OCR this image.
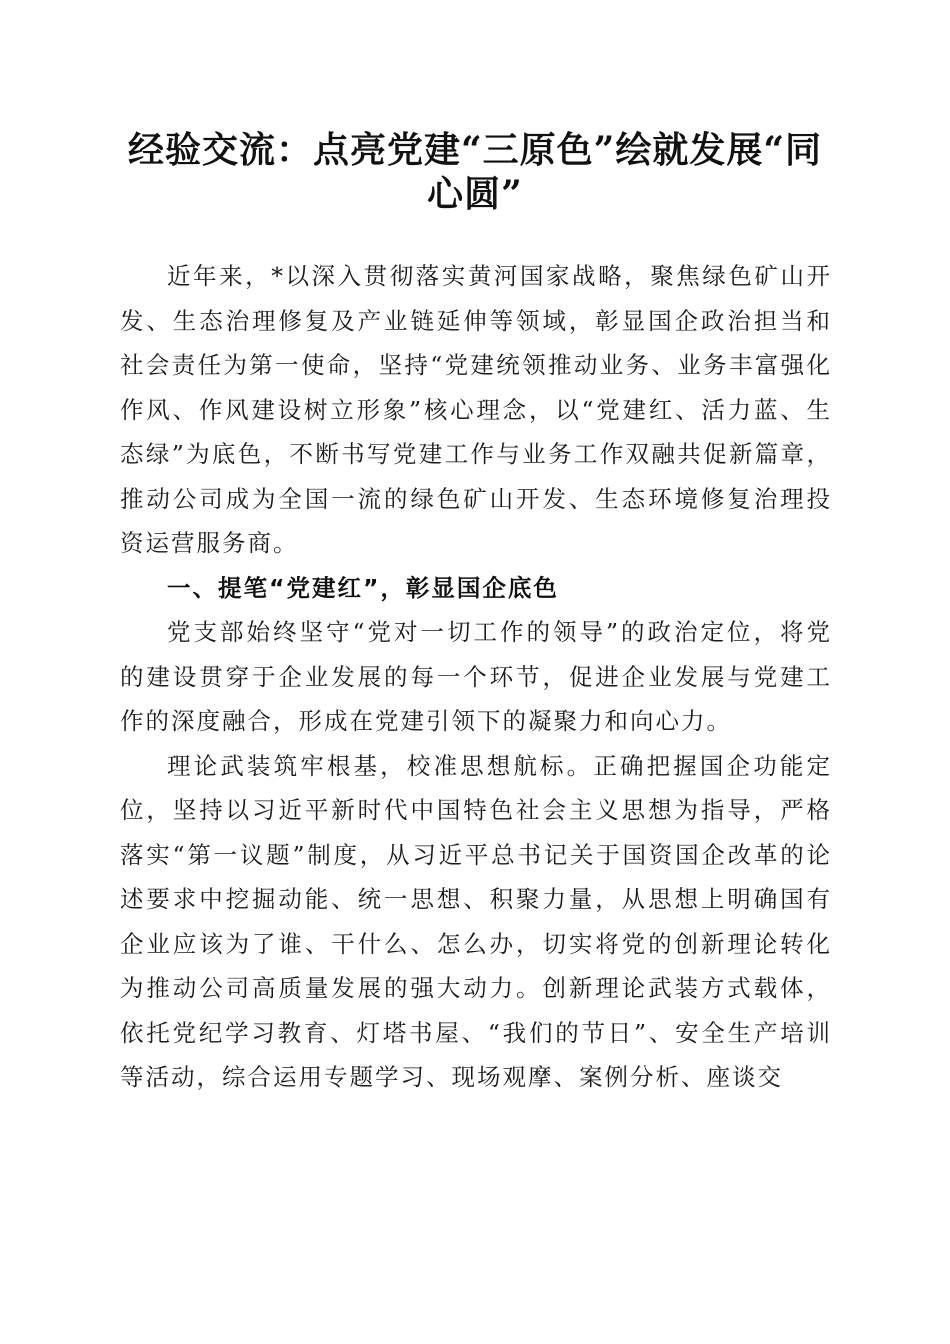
经验交流：点亮党建“三原色”绘就发展“同心圆”

近年来，*以深入贯彻落实黄河国家战略，聚焦绿色矿山开发、生态治理修复及产业链延伸等领域，彰显国企政治担当和社会责任为第一使命，坚持“党建统领推动业务、业务丰富强化作风、作风建设树立形象”核心理念，以“党建红、活力蓝、生态绿”为底色，不断书写党建工作与业务工作双融共促新篇章，推动公司成为全国一流的绿色矿山开发、生态环境修复治理投资运营服务商。

一、提笔“党建红”，彰显国企底色

党支部始终坚守“党对一切工作的领导”的政治定位，将党的建设贯穿于企业发展的每一个环节，促进企业发展与党建工作的深度融合，形成在党建引领下的凝聚力和向心力。

理论武装筑牢根基，校准思想航标。正确把握国企功能定位，坚持以习近平新时代中国特色社会主义思想为指导，严格落实“第一议题”制度，从习近平总书记关于国资国企改革的论述要求中挖掘动能、统一思想、积聚力量，从思想上明确国有企业应该为了谁、干什么、怎么办，切实将党的创新理论转化为推动公司高质量发展的强大动力。创新理论武装方式载体，依托党纪学习教育、灯塔书屋、“我们的节日”、安全生产培训等活动，综合运用专题学习、现场观摩、案例分析、座谈交
